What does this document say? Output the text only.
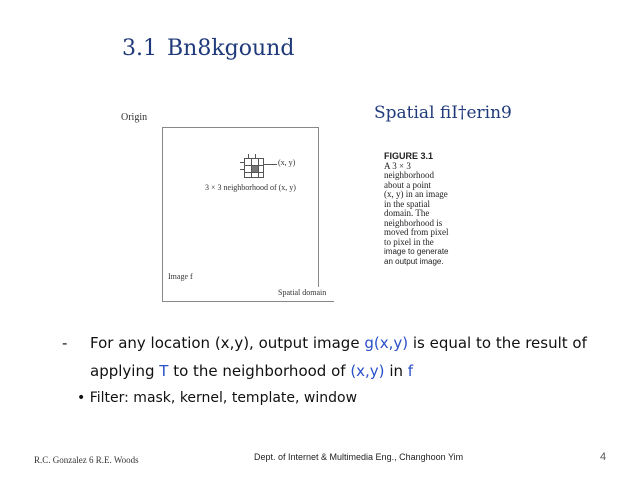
3.1 Bn8kgound
Origin	Spatial fiI†erin9
(x, y)
3 × 3 neighborhood of (x, y)
Image f
Spatial domain
FIGURE 3.1
A 3 × 3
neighborhood
about a point
(x, y) in an image
in the spatial
domain. The
neighborhood is
moved from pixel
to pixel in the
image to generate
an output image.
- For any location (x,y), output image g(x,y) is equal to the result of applying T to the neighborhood of (x,y) in f
• Filter: mask, kernel, template, window
R.C. Gonzalez 6 R.E. Woods	Dept. of Internet & Multimedia Eng., Changhoon Yim	4
